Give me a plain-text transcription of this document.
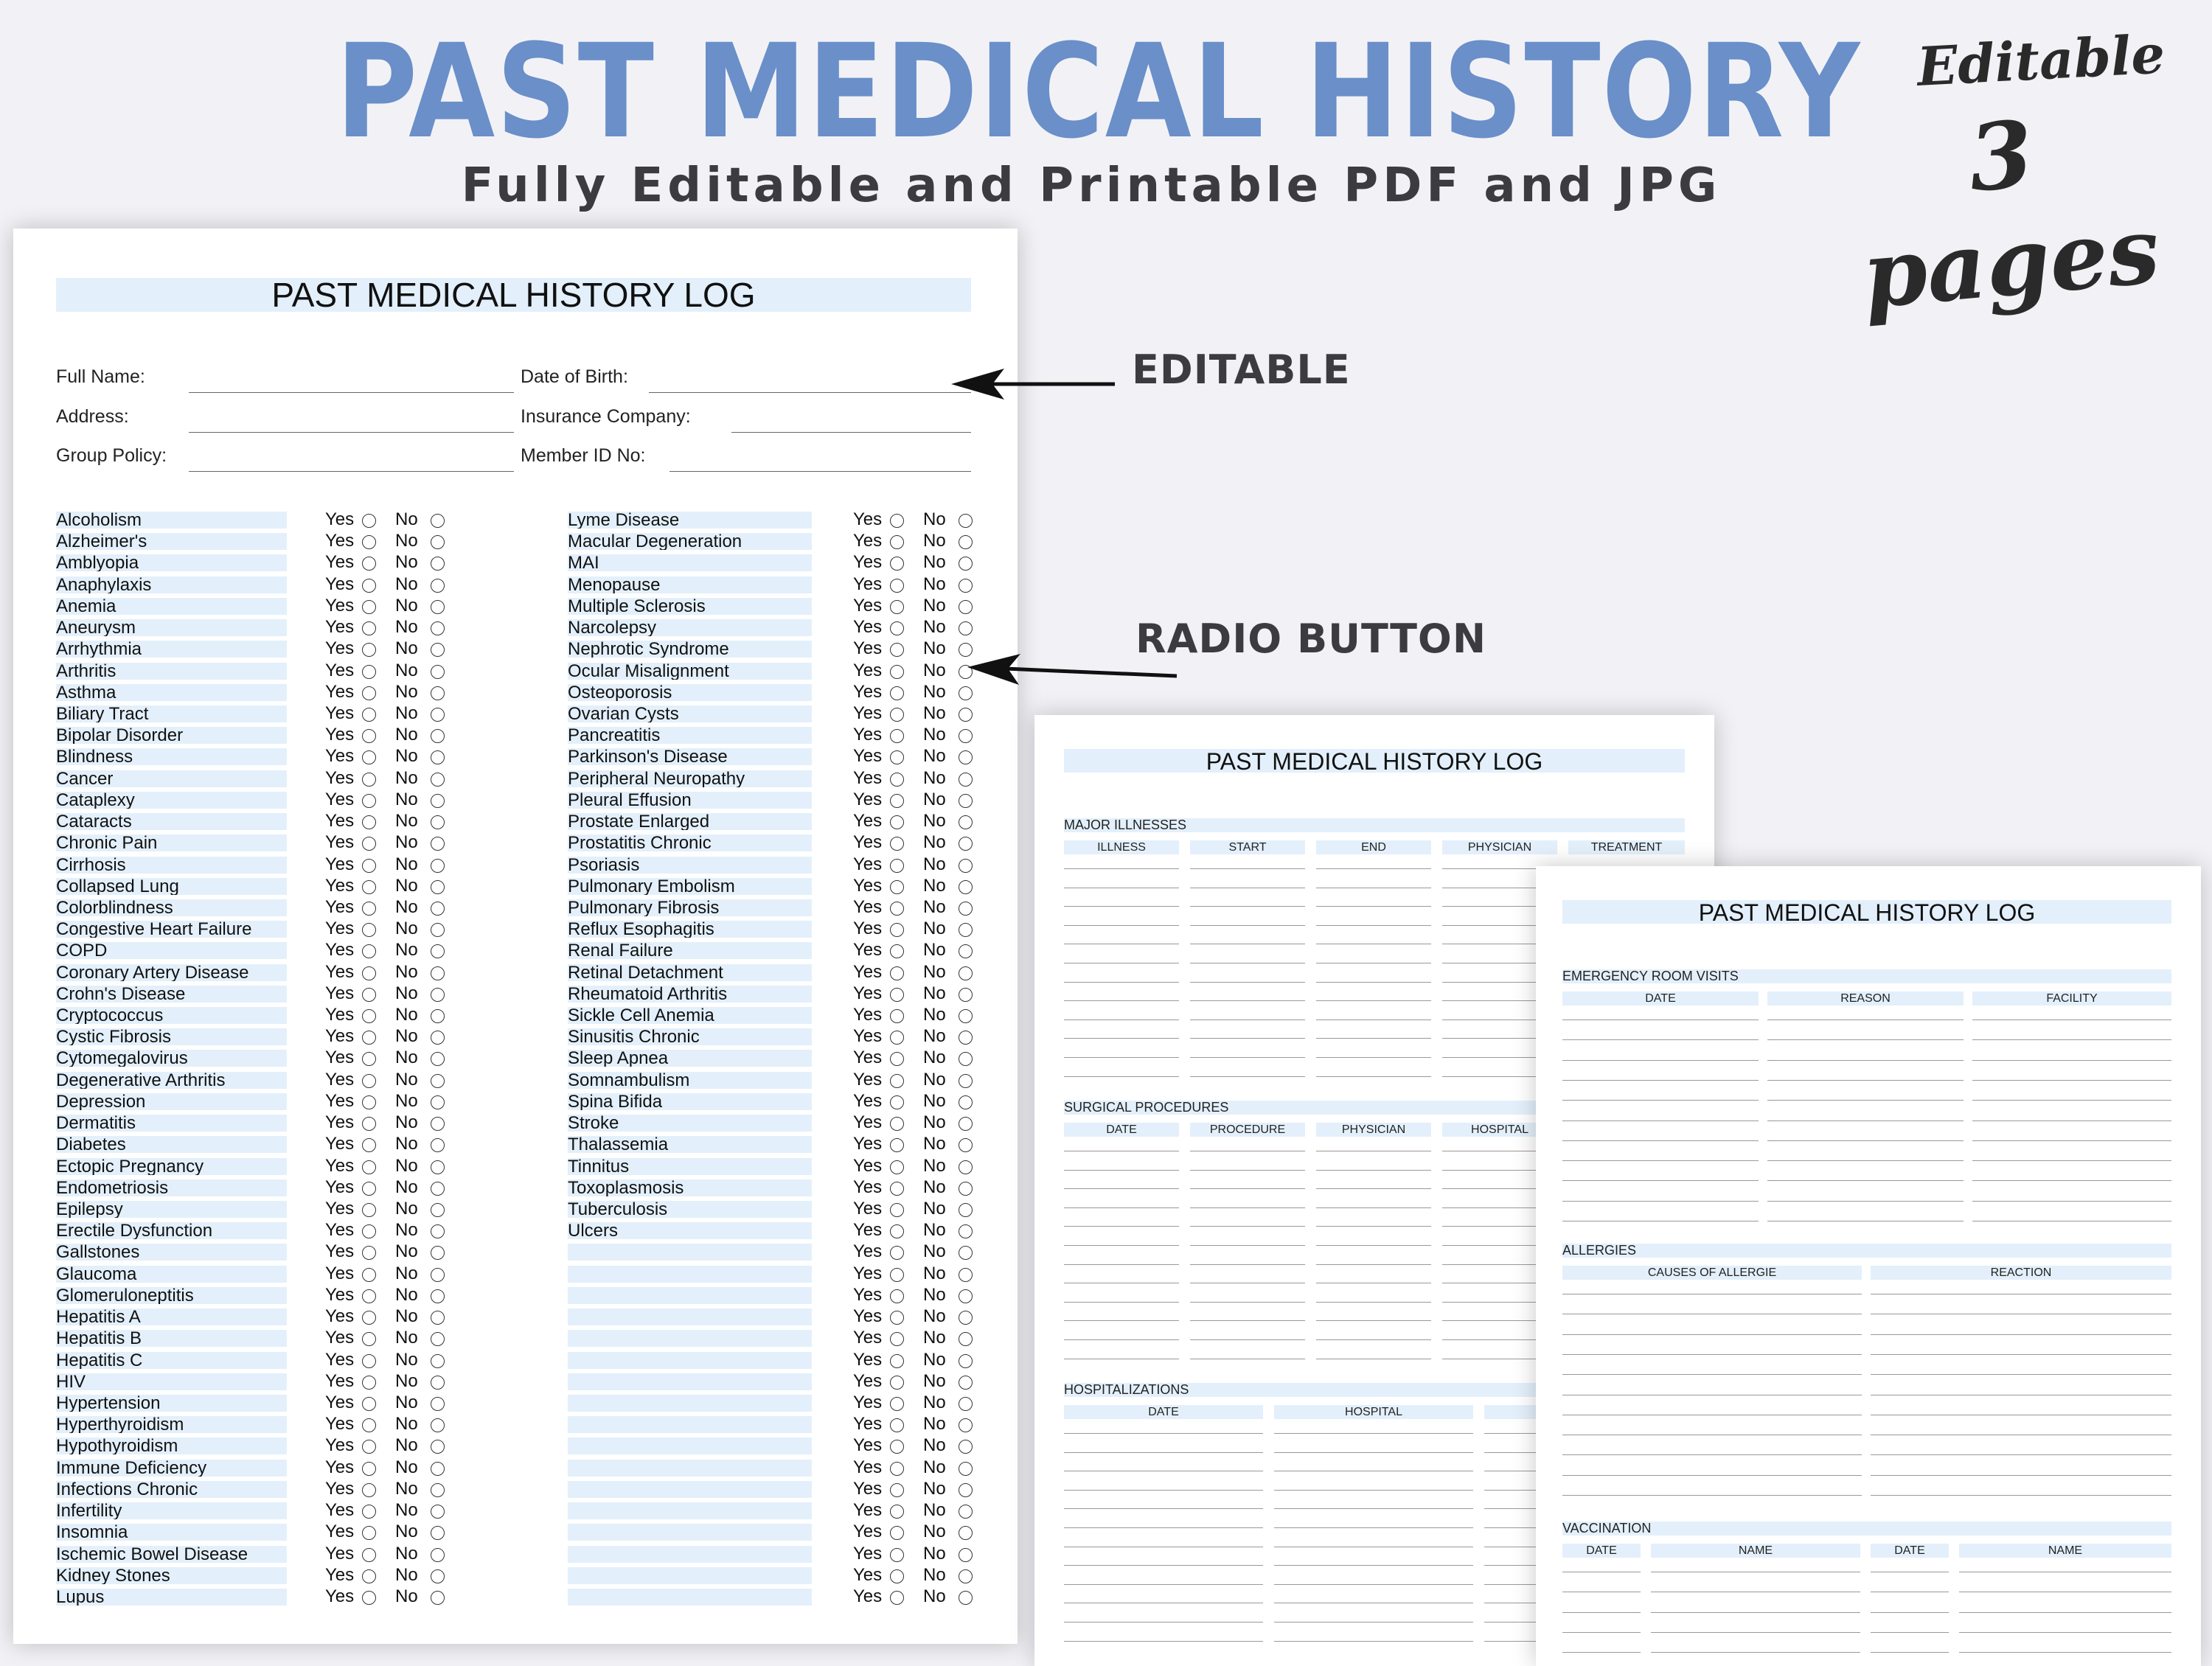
PAST MEDICAL HISTORY
Fully Editable and Printable PDF and JPG
Editable
3 pages
PAST MEDICAL HISTORY LOG
Full Name:	Date of Birth:
Address:	Insurance Company:
Group Policy:	Member ID No:
Alcoholism	Yes No
Alzheimer's	Yes No
Amblyopia	Yes No
Anaphylaxis	Yes No
Anemia	Yes No
Aneurysm	Yes No
Arrhythmia	Yes No
Arthritis	Yes No
Asthma	Yes No
Biliary Tract	Yes No
Bipolar Disorder	Yes No
Blindness	Yes No
Cancer	Yes No
Cataplexy	Yes No
Cataracts	Yes No
Chronic Pain	Yes No
Cirrhosis	Yes No
Collapsed Lung	Yes No
Colorblindness	Yes No
Congestive Heart Failure	Yes No
COPD	Yes No
Coronary Artery Disease	Yes No
Crohn's Disease	Yes No
Cryptococcus	Yes No
Cystic Fibrosis	Yes No
Cytomegalovirus	Yes No
Degenerative Arthritis	Yes No
Depression	Yes No
Dermatitis	Yes No
Diabetes	Yes No
Ectopic Pregnancy	Yes No
Endometriosis	Yes No
Epilepsy	Yes No
Erectile Dysfunction	Yes No
Gallstones	Yes No
Glaucoma	Yes No
Glomeruloneptitis	Yes No
Hepatitis A	Yes No
Hepatitis B	Yes No
Hepatitis C	Yes No
HIV	Yes No
Hypertension	Yes No
Hyperthyroidism	Yes No
Hypothyroidism	Yes No
Immune Deficiency	Yes No
Infections Chronic	Yes No
Infertility	Yes No
Insomnia	Yes No
Ischemic Bowel Disease	Yes No
Kidney Stones	Yes No
Lupus	Yes No
Lyme Disease	Yes No
Macular Degeneration	Yes No
MAI	Yes No
Menopause	Yes No
Multiple Sclerosis	Yes No
Narcolepsy	Yes No
Nephrotic Syndrome	Yes No
Ocular Misalignment	Yes No
Osteoporosis	Yes No
Ovarian Cysts	Yes No
Pancreatitis	Yes No
Parkinson's Disease	Yes No
Peripheral Neuropathy	Yes No
Pleural Effusion	Yes No
Prostate Enlarged	Yes No
Prostatitis Chronic	Yes No
Psoriasis	Yes No
Pulmonary Embolism	Yes No
Pulmonary Fibrosis	Yes No
Reflux Esophagitis	Yes No
Renal Failure	Yes No
Retinal Detachment	Yes No
Rheumatoid Arthritis	Yes No
Sickle Cell Anemia	Yes No
Sinusitis Chronic	Yes No
Sleep Apnea	Yes No
Somnambulism	Yes No
Spina Bifida	Yes No
Stroke	Yes No
Thalassemia	Yes No
Tinnitus	Yes No
Toxoplasmosis	Yes No
Tuberculosis	Yes No
Ulcers	Yes No
Yes No
Yes No
Yes No
Yes No
Yes No
Yes No
Yes No
Yes No
Yes No
Yes No
Yes No
Yes No
Yes No
Yes No
Yes No
Yes No
Yes No
PAST MEDICAL HISTORY LOG
MAJOR ILLNESSES
ILLNESS	START	END	PHYSICIAN	TREATMENT
SURGICAL PROCEDURES
DATE	PROCEDURE	PHYSICIAN	HOSPITAL
HOSPITALIZATIONS
DATE	HOSPITAL
PAST MEDICAL HISTORY LOG
EMERGENCY ROOM VISITS
DATE	REASON	FACILITY
ALLERGIES
CAUSES OF ALLERGIE	REACTION
VACCINATION
DATE	NAME	DATE	NAME
EDITABLE
RADIO BUTTON
